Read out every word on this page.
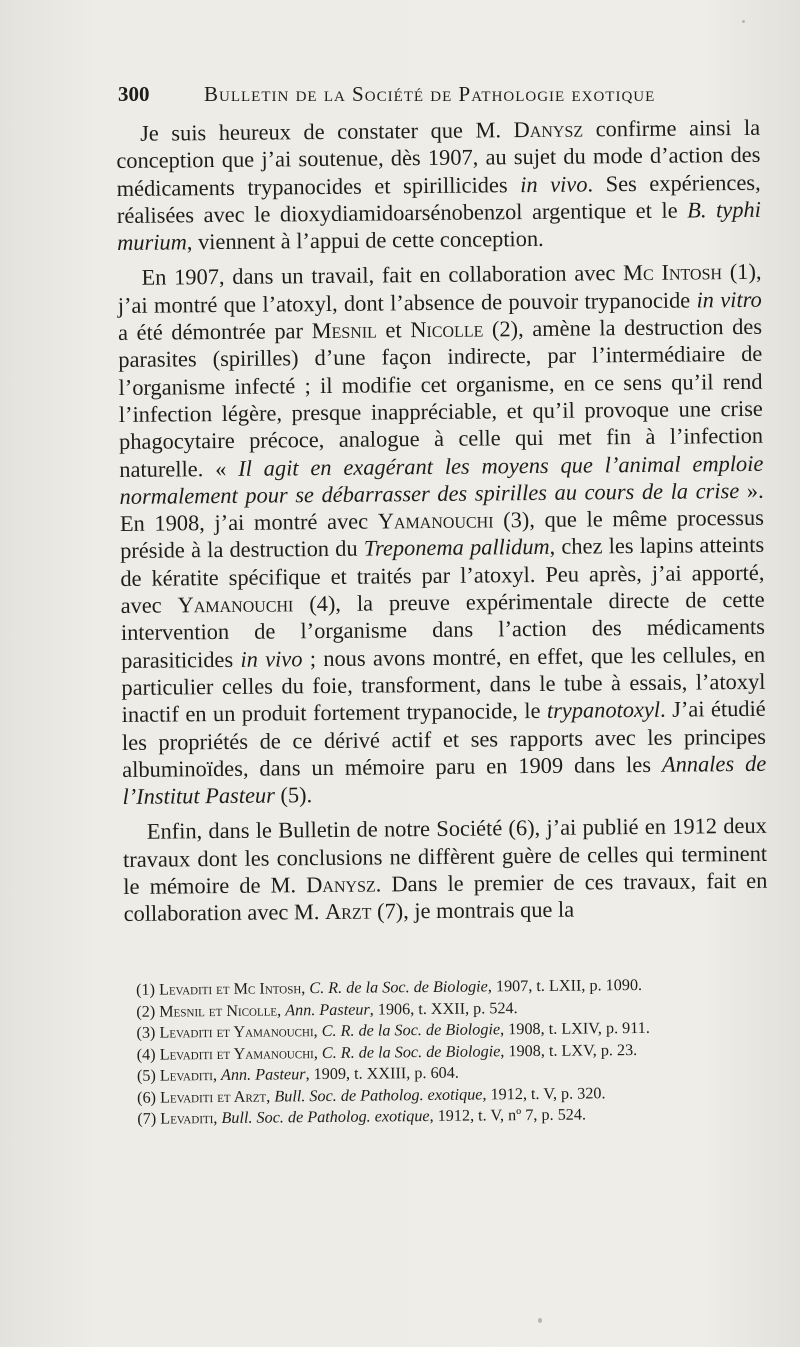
300	Bulletin de la Société de Pathologie exotique

Je suis heureux de constater que M. Danysz confirme ainsi la conception que j’ai soutenue, dès 1907, au sujet du mode d’action des médicaments trypanocides et spirillicides in vivo. Ses expériences, réalisées avec le dioxydiamidoarsénobenzol argentique et le B. typhi murium, viennent à l’appui de cette conception.

En 1907, dans un travail, fait en collaboration avec Mc Intosh (1), j’ai montré que l’atoxyl, dont l’absence de pouvoir trypanocide in vitro a été démontrée par Mesnil et Nicolle (2), amène la destruction des parasites (spirilles) d’une façon indirecte, par l’intermédiaire de l’organisme infecté ; il modifie cet organisme, en ce sens qu’il rend l’infection légère, presque inappréciable, et qu’il provoque une crise phagocytaire précoce, analogue à celle qui met fin à l’infection naturelle. « Il agit en exagérant les moyens que l’animal emploie normalement pour se débarrasser des spirilles au cours de la crise ». En 1908, j’ai montré avec Yamanouchi (3), que le même processus préside à la destruction du Treponema pallidum, chez les lapins atteints de kératite spécifique et traités par l’atoxyl. Peu après, j’ai apporté, avec Yamanouchi (4), la preuve expérimentale directe de cette intervention de l’organisme dans l’action des médicaments parasiticides in vivo ; nous avons montré, en effet, que les cellules, en particulier celles du foie, transforment, dans le tube à essais, l’atoxyl inactif en un produit fortement trypanocide, le trypanotoxyl. J’ai étudié les propriétés de ce dérivé actif et ses rapports avec les principes albuminoïdes, dans un mémoire paru en 1909 dans les Annales de l’Institut Pasteur (5).

Enfin, dans le Bulletin de notre Société (6), j’ai publié en 1912 deux travaux dont les conclusions ne diffèrent guère de celles qui terminent le mémoire de M. Danysz. Dans le premier de ces travaux, fait en collaboration avec M. Arzt (7), je montrais que la

(1) Levaditi et Mc Intosh, C. R. de la Soc. de Biologie, 1907, t. LXII, p. 1090.

(2) Mesnil et Nicolle, Ann. Pasteur, 1906, t. XXII, p. 524.

(3) Levaditi et Yamanouchi, C. R. de la Soc. de Biologie, 1908, t. LXIV, p. 911.

(4) Levaditi et Yamanouchi, C. R. de la Soc. de Biologie, 1908, t. LXV, p. 23.

(5) Levaditi, Ann. Pasteur, 1909, t. XXIII, p. 604.

(6) Levaditi et Arzt, Bull. Soc. de Patholog. exotique, 1912, t. V, p. 320.

(7) Levaditi, Bull. Soc. de Patholog. exotique, 1912, t. V, nº 7, p. 524.
